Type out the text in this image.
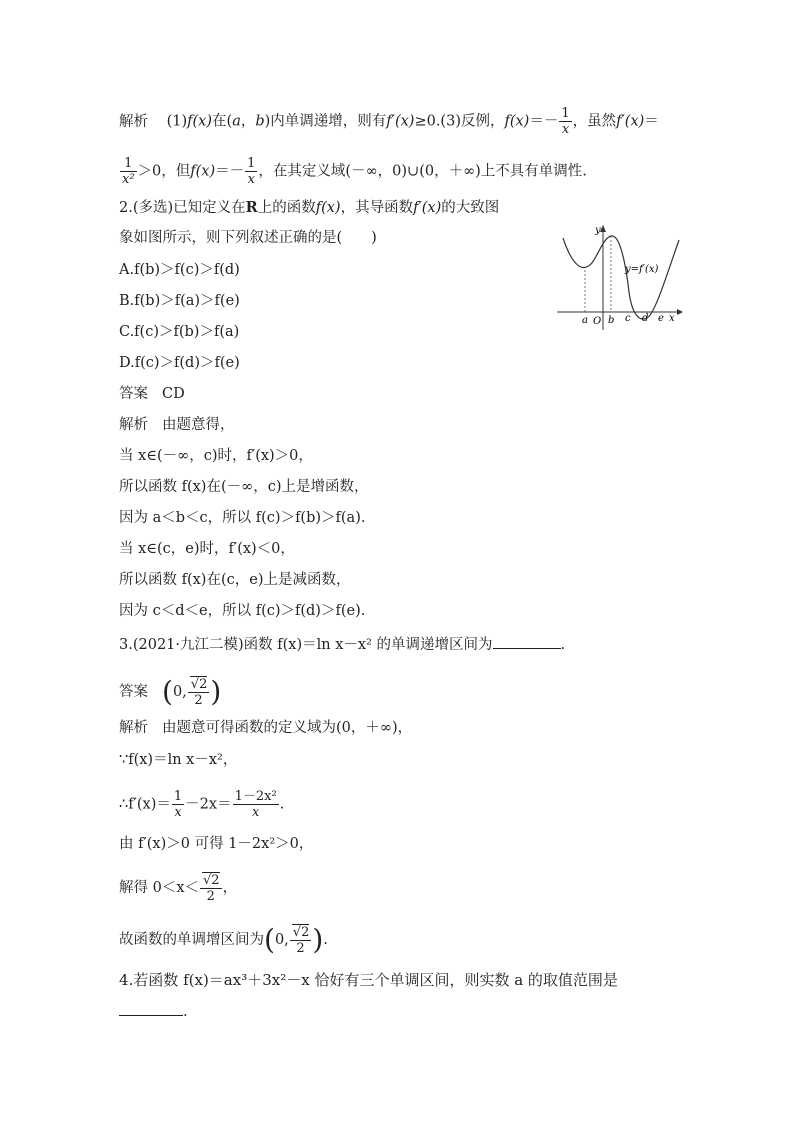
解析 (1)f(x)在(a，b)内单调递增，则有f′(x)≥0.(3)反例，$f(x)=- \frac{1}{x}$ ，虽然f′(x)＝
$\frac{1}{\text{x²}} >0$，但$f(x)=- \frac{1}{x}$ ，在其定义域(－∞，0)∪(0，＋∞)上不具有单调性.
2.(多选)已知定义在R上的函数f(x)，其导函数f′(x)的大致图
象如图所示，则下列叙述正确的是(　　)
A.f(b)＞f(c)＞f(d)
B.f(b)＞f(a)＞f(e)
C.f(c)＞f(b)＞f(a)
D.f(c)＞f(d)＞f(e)
答案 CD
解析 由题意得，
当 x∈(－∞，c)时，f′(x)＞0，
所以函数 f(x)在(－∞，c)上是增函数，
因为 a＜b＜c，所以 f(c)＞f(b)＞f(a).
当 x∈(c，e)时，f′(x)＜0，
所以函数 f(x)在(c，e)上是减函数，
因为 c＜d＜e，所以 f(c)＞f(d)＞f(e).
y
y=f′(x)
a O b c d e x
3.(2021·九江二模)函数 f(x)＝ln x－x² 的单调递增区间为	.
答案 (0, $\frac{√2}{2}$ )
解析 由题意可得函数的定义域为(0，＋∞)，
∵f(x)＝ln x－x²，
∴f′(x)＝ $\frac{1}{x} -2x= \frac{\text{1－2x²}}{x}$ .
由 f′(x)＞0 可得 1－2x²＞0，
解得 $0<x< \frac{√2}{2}$ ，
故函数的单调增区间为(0, $\frac{√2}{2}$ ).
4.若函数 f(x)＝ax³＋3x²－x 恰好有三个单调区间，则实数 a 的取值范围是
.
